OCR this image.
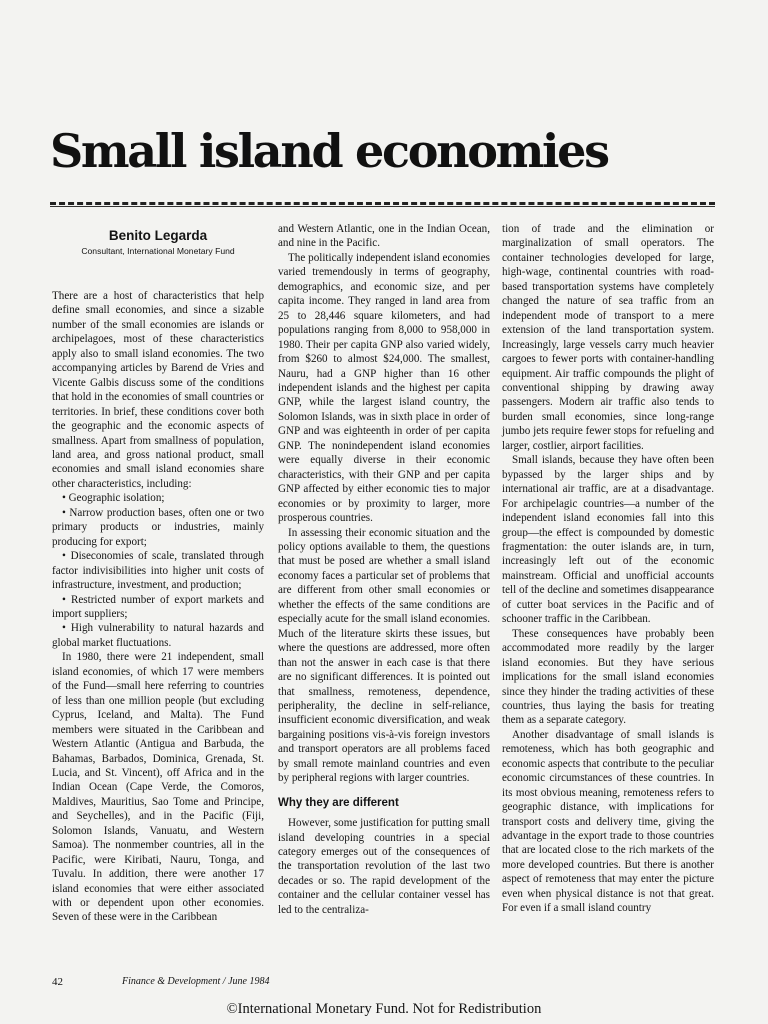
Small island economies
Benito Legarda
Consultant, International Monetary Fund

There are a host of characteristics that help define small economies, and since a sizable number of the small economies are islands or archipelagoes, most of these characteristics apply also to small island economies. The two accompanying articles by Barend de Vries and Vicente Galbis discuss some of the conditions that hold in the economies of small countries or territories. In brief, these conditions cover both the geographic and the economic aspects of smallness. Apart from smallness of population, land area, and gross national product, small economies and small island economies share other characteristics, including:

• Geographic isolation;

• Narrow production bases, often one or two primary products or industries, mainly producing for export;

• Diseconomies of scale, translated through factor indivisibilities into higher unit costs of infrastructure, investment, and production;

• Restricted number of export markets and import suppliers;

• High vulnerability to natural hazards and global market fluctuations.

In 1980, there were 21 independent, small island economies, of which 17 were members of the Fund—small here referring to countries of less than one million people (but excluding Cyprus, Iceland, and Malta). The Fund members were situated in the Caribbean and Western Atlantic (Antigua and Barbuda, the Bahamas, Barbados, Dominica, Grenada, St. Lucia, and St. Vincent), off Africa and in the Indian Ocean (Cape Verde, the Comoros, Maldives, Mauritius, Sao Tome and Principe, and Seychelles), and in the Pacific (Fiji, Solomon Islands, Vanuatu, and Western Samoa). The nonmember countries, all in the Pacific, were Kiribati, Nauru, Tonga, and Tuvalu. In addition, there were another 17 island economies that were either associated with or dependent upon other economies. Seven of these were in the Caribbean

and Western Atlantic, one in the Indian Ocean, and nine in the Pacific.

The politically independent island economies varied tremendously in terms of geography, demographics, and economic size, and per capita income. They ranged in land area from 25 to 28,446 square kilometers, and had populations ranging from 8,000 to 958,000 in 1980. Their per capita GNP also varied widely, from $260 to almost $24,000. The smallest, Nauru, had a GNP higher than 16 other independent islands and the highest per capita GNP, while the largest island country, the Solomon Islands, was in sixth place in order of GNP and was eighteenth in order of per capita GNP. The nonindependent island economies were equally diverse in their economic characteristics, with their GNP and per capita GNP affected by either economic ties to major economies or by proximity to larger, more prosperous countries.

In assessing their economic situation and the policy options available to them, the questions that must be posed are whether a small island economy faces a particular set of problems that are different from other small economies or whether the effects of the same conditions are especially acute for the small island economies. Much of the literature skirts these issues, but where the questions are addressed, more often than not the answer in each case is that there are no significant differences. It is pointed out that smallness, remoteness, dependence, peripherality, the decline in self-reliance, insufficient economic diversification, and weak bargaining positions vis-à-vis foreign investors and transport operators are all problems faced by small remote mainland countries and even by peripheral regions with larger countries.

Why they are different

However, some justification for putting small island developing countries in a special category emerges out of the consequences of the transportation revolution of the last two decades or so. The rapid development of the container and the cellular container vessel has led to the centraliza-

tion of trade and the elimination or marginalization of small operators. The container technologies developed for large, high-wage, continental countries with road-based transportation systems have completely changed the nature of sea traffic from an independent mode of transport to a mere extension of the land transportation system. Increasingly, large vessels carry much heavier cargoes to fewer ports with container-handling equipment. Air traffic compounds the plight of conventional shipping by drawing away passengers. Modern air traffic also tends to burden small economies, since long-range jumbo jets require fewer stops for refueling and larger, costlier, airport facilities.

Small islands, because they have often been bypassed by the larger ships and by international air traffic, are at a disadvantage. For archipelagic countries—a number of the independent island economies fall into this group—the effect is compounded by domestic fragmentation: the outer islands are, in turn, increasingly left out of the economic mainstream. Official and unofficial accounts tell of the decline and sometimes disappearance of cutter boat services in the Pacific and of schooner traffic in the Caribbean.

These consequences have probably been accommodated more readily by the larger island economies. But they have serious implications for the small island economies since they hinder the trading activities of these countries, thus laying the basis for treating them as a separate category.

Another disadvantage of small islands is remoteness, which has both geographic and economic aspects that contribute to the peculiar economic circumstances of these countries. In its most obvious meaning, remoteness refers to geographic distance, with implications for transport costs and delivery time, giving the advantage in the export trade to those countries that are located close to the rich markets of the more developed countries. But there is another aspect of remoteness that may enter the picture even when physical distance is not that great. For even if a small island country

42	Finance & Development / June 1984
©International Monetary Fund. Not for Redistribution
